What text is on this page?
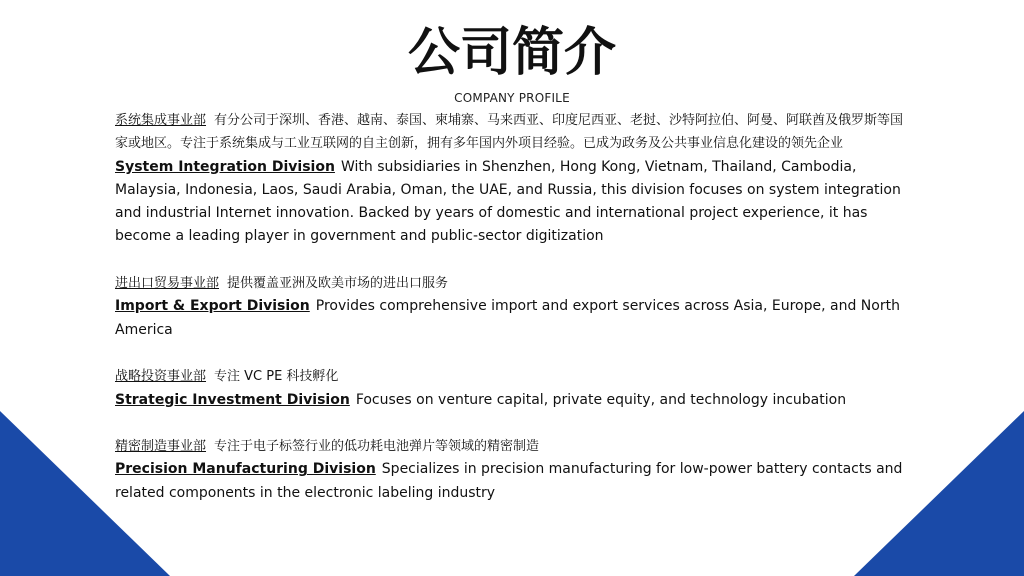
公司简介
COMPANY PROFILE

系统集成事业部 有分公司于深圳、香港、越南、泰国、柬埔寨、马来西亚、印度尼西亚、老挝、沙特阿拉伯、阿曼、阿联酋及俄罗斯等国家或地区。专注于系统集成与工业互联网的自主创新，拥有多年国内外项目经验。已成为政务及公共事业信息化建设的领先企业

System Integration Division With subsidiaries in Shenzhen, Hong Kong, Vietnam, Thailand, Cambodia, Malaysia, Indonesia, Laos, Saudi Arabia, Oman, the UAE, and Russia, this division focuses on system integration and industrial Internet innovation. Backed by years of domestic and international project experience, it has become a leading player in government and public-sector digitization

进出口贸易事业部 提供覆盖亚洲及欧美市场的进出口服务

Import & Export Division Provides comprehensive import and export services across Asia, Europe, and North America

战略投资事业部 专注 VC PE 科技孵化

Strategic Investment Division Focuses on venture capital, private equity, and technology incubation

精密制造事业部 专注于电子标签行业的低功耗电池弹片等领域的精密制造

Precision Manufacturing Division Specializes in precision manufacturing for low-power battery contacts and related components in the electronic labeling industry
